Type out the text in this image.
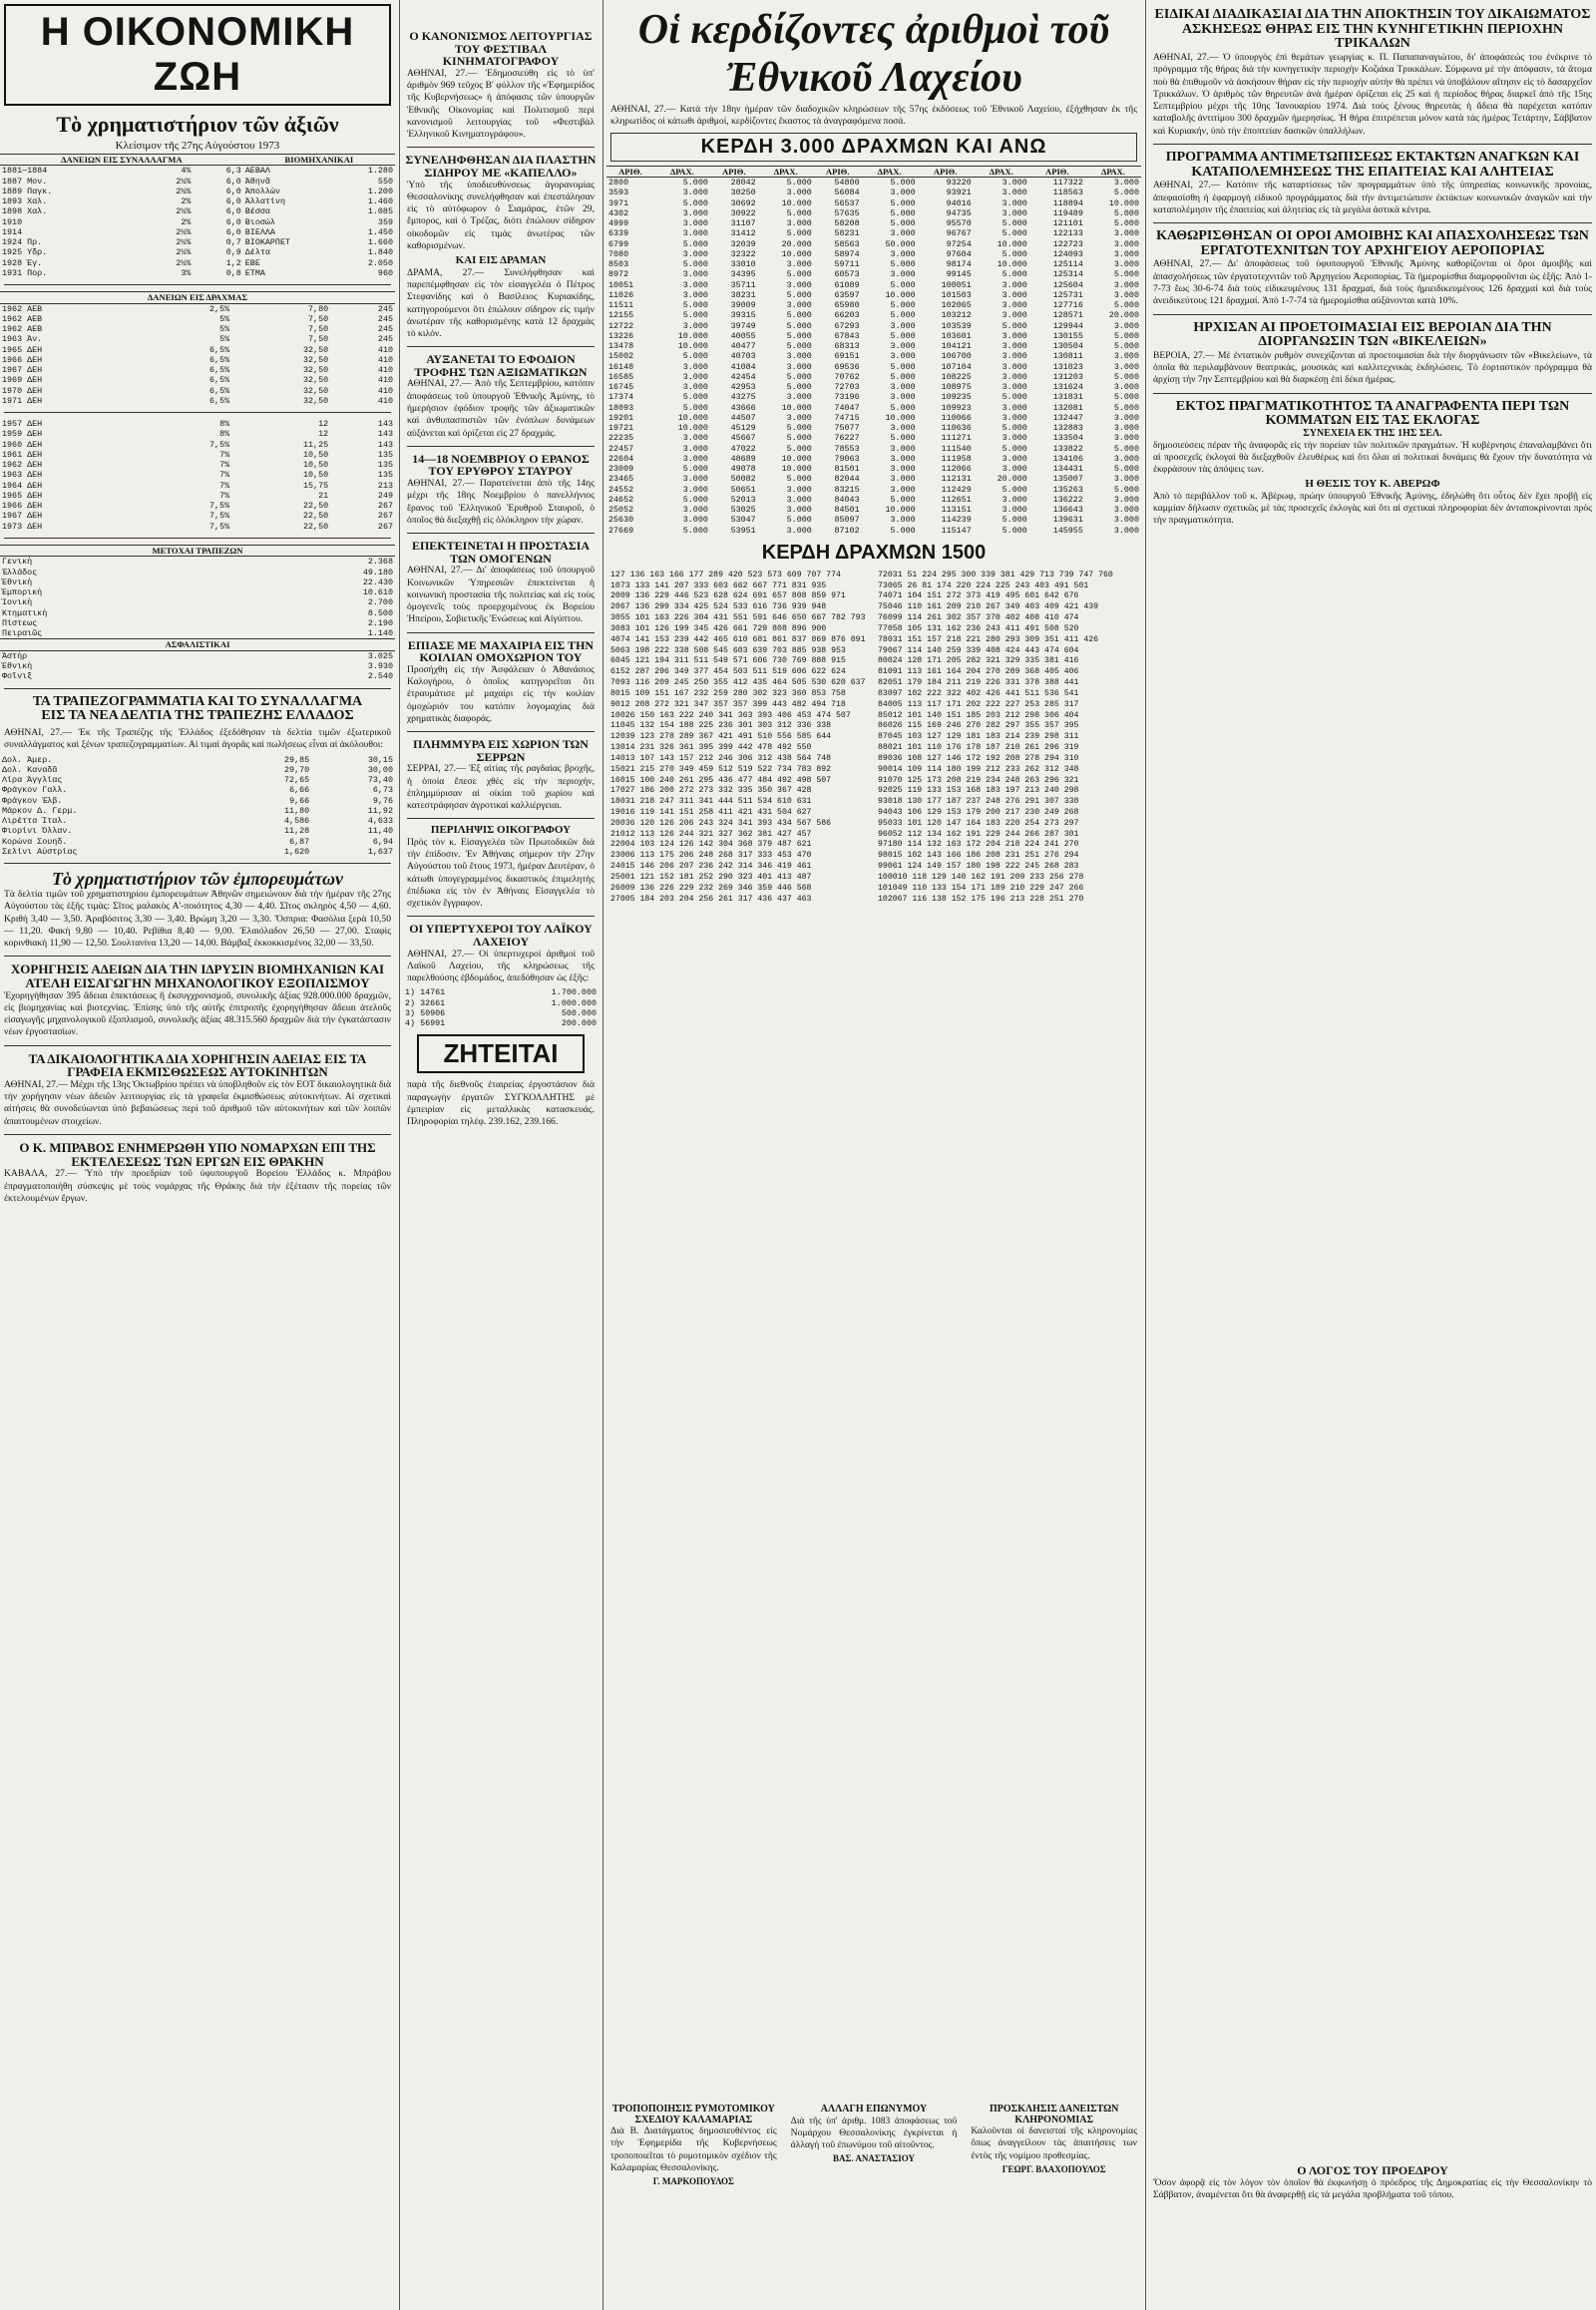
Η ΟΙΚΟΝΟΜΙΚΗ ΖΩΗ
Τὸ χρηματιστήριον τῶν ἀξιῶν
Κλείσιμον τῆς 27ης Αὐγούστου 1973
ΔΑΝΕΙΩΝ ΕΙΣ ΣΥΝΑΛΛΑΓΜΑ			ΒΙΟΜΗΧΑΝΙΚΑΙ	
1881—1884	4%	6,3	ΑΕΒΑΛ	1.280
1887 Μον.	2½%	6,0	Ἀθηνᾶ	550
1889 Παγκ.	2½%	6,0	Ἀπολλὼν	1.200
1893 Χαλ.	2%	6,0	Ἀλλατίνη	1.460
1898 Χαλ.	2½%	6,0	Βέσσα	1.085
1910	2%	6,0	Βιοσώλ	359
1914	2½%	6,0	ΒΙΕΛΛΑ	1.450
1924 Πρ.	2½%	0,7	ΒΙΟΚΑΡΠΕΤ	1.660
1925 Υδρ.	2½%	0,9	Δέλτα	1.840
1928 Ἐγ.	2½%	1,2	ΕΒΕ	2.050
1931 Πορ.	3%	0,8	ΕΤΜΑ	960
ΔΑΝΕΙΩΝ ΕΙΣ ΔΡΑΧΜΑΣ			
1962 ΑΕΒ	2,5%	7,80	245
1962 ΑΕΒ	5%	7,50	245
1962 ΑΕΒ	5%	7,50	245
1963 Ἀν.	5%	7,50	245
1965 ΔΕΗ	6,5%	32,50	410
1966 ΔΕΗ	6,5%	32,50	410
1967 ΔΕΗ	6,5%	32,50	410
1969 ΔΕΗ	6,5%	32,50	410
1970 ΔΕΗ	6,5%	32,50	410
1971 ΔΕΗ	6,5%	32,50	410
1957 ΔΕΗ	8%	12	143
1959 ΔΕΗ	8%	12	143
1960 ΔΕΗ	7,5%	11,25	143
1961 ΔΕΗ	7%	10,50	135
1962 ΔΕΗ	7%	10,50	135
1963 ΔΕΗ	7%	10,50	135
1964 ΔΕΗ	7%	15,75	213
1965 ΔΕΗ	7%	21	249
1966 ΔΕΗ	7,5%	22,50	267
1967 ΔΕΗ	7,5%	22,50	267
1973 ΔΕΗ	7,5%	22,50	267
ΜΕΤΟΧΑΙ ΤΡΑΠΕΖΩΝ	
Γενικὴ	2.368
Ἑλλάδος	49.180
Ἐθνικὴ	22.430
Ἐμπορικὴ	10.610
Ἰονικὴ	2.700
Κτηματικὴ	8.500
Πίστεως	2.190
Πειραιῶς	1.140
ΑΣΦΑΛΙΣΤΙΚΑΙ	
Ἀστὴρ	3.025
Ἐθνικὴ	3.930
Φοῖνιξ	2.540
ΤΑ ΤΡΑΠΕΖΟΓΡΑΜΜΑΤΙΑ ΚΑΙ ΤΟ ΣΥΝΑΛΛΑΓΜΑ
ΕΙΣ ΤΑ ΝΕΑ ΔΕΛΤΙΑ ΤΗΣ ΤΡΑΠΕΖΗΣ ΕΛΛΑΔΟΣ

ΑΘΗΝΑΙ, 27.— Ἐκ τῆς Τραπέζης τῆς Ἑλλάδος ἐξεδόθησαν τὰ δελτία τιμῶν ἐξωτερικοῦ συναλλάγματος καὶ ξένων τραπεζογραμματίων. Αἱ τιμαὶ ἀγορᾶς καὶ πωλήσεως εἶναι αἱ ἀκόλουθοι:

Δολ. Ἀμερ.	29,85	30,15
Δολ. Καναδᾶ	29,70	30,00
Λίρα Ἀγγλίας	72,65	73,40
Φράγκον Γαλλ.	6,66	6,73
Φράγκον Ἑλβ.	9,66	9,76
Μάρκον Δ. Γερμ.	11,80	11,92
Λιρέττα Ἰταλ.	4,586	4,633
Φιορίνι Ὁλλαν.	11,28	11,40
Κορώνα Σουηδ.	6,87	6,94
Σελίνι Αὐστρίας	1,620	1,637
Τὸ χρηματιστήριον τῶν ἐμπορευμάτων

Τὰ δελτία τιμῶν τοῦ χρηματιστηρίου ἐμπορευμάτων Ἀθηνῶν σημειώνουν διὰ τὴν ἡμέραν τῆς 27ης Αὐγούστου τὰς ἑξῆς τιμὰς: Σῖτος μαλακὸς Α'-ποιότητος 4,30 — 4,40. Σῖτος σκληρὸς 4,50 — 4,60. Κριθὴ 3,40 — 3,50. Ἀραβόσιτος 3,30 — 3,40. Βρώμη 3,20 — 3,30. Ὄσπρια: Φασόλια ξερὰ 10,50 — 11,20. Φακὴ 9,80 — 10,40. Ρεβίθια 8,40 — 9,00. Ἐλαιόλαδον 26,50 — 27,00. Σταφὶς κορινθιακὴ 11,90 — 12,50. Σουλτανίνα 13,20 — 14,00. Βάμβαξ ἐκκοκκισμένος 32,00 — 33,50.

ΧΟΡΗΓΗΣΙΣ ΑΔΕΙΩΝ ΔΙΑ ΤΗΝ ΙΔΡΥΣΙΝ ΒΙΟΜΗΧΑΝΙΩΝ ΚΑΙ ΑΤΕΛΗ ΕΙΣΑΓΩΓΗΝ ΜΗΧΑΝΟΛΟΓΙΚΟΥ ΕΞΟΠΛΙΣΜΟΥ

Ἐχορηγήθησαν 395 ἄδειαι ἐπεκτάσεως ἢ ἐκσυγχρονισμοῦ, συνολικῆς ἀξίας 928.000.000 δραχμῶν, εἰς βιομηχανίας καὶ βιοτεχνίας. Ἐπίσης ὑπὸ τῆς αὐτῆς ἐπιτροπῆς ἐχορηγήθησαν ἄδειαι ἀτελοῦς εἰσαγωγῆς μηχανολογικοῦ ἐξοπλισμοῦ, συνολικῆς ἀξίας 48.315.560 δραχμῶν διὰ τὴν ἐγκατάστασιν νέων ἐργοστασίων.

ΤΑ ΔΙΚΑΙΟΛΟΓΗΤΙΚΑ ΔΙΑ ΧΟΡΗΓΗΣΙΝ ΑΔΕΙΑΣ ΕΙΣ ΤΑ ΓΡΑΦΕΙΑ ΕΚΜΙΣΘΩΣΕΩΣ ΑΥΤΟΚΙΝΗΤΩΝ

ΑΘΗΝΑΙ, 27.— Μέχρι τῆς 13ης Ὀκτωβρίου πρέπει νὰ ὑποβληθοῦν εἰς τὸν ΕΟΤ δικαιολογητικὰ διὰ τὴν χορήγησιν νέων ἀδειῶν λειτουργίας εἰς τὰ γραφεῖα ἐκμισθώσεως αὐτοκινήτων. Αἱ σχετικαὶ αἰτήσεις θὰ συνοδεύωνται ὑπὸ βεβαιώσεως περὶ τοῦ ἀριθμοῦ τῶν αὐτοκινήτων καὶ τῶν λοιπῶν ἀπαιτουμένων στοιχείων.

Ο Κ. ΜΠΡΑΒΟΣ ΕΝΗΜΕΡΩΘΗ ΥΠΟ ΝΟΜΑΡΧΩΝ ΕΠΙ ΤΗΣ ΕΚΤΕΛΕΣΕΩΣ ΤΩΝ ΕΡΓΩΝ ΕΙΣ ΘΡΑΚΗΝ

ΚΑΒΑΛΑ, 27.— Ὑπὸ τὴν προεδρίαν τοῦ ὑφυπουργοῦ Βορείου Ἑλλάδος κ. Μπράβου ἐπραγματοποιήθη σύσκεψις μὲ τοὺς νομάρχας τῆς Θράκης διὰ τὴν ἐξέτασιν τῆς πορείας τῶν ἐκτελουμένων ἔργων.

Ο ΚΑΝΟΝΙΣΜΟΣ ΛΕΙΤΟΥΡΓΙΑΣ ΤΟΥ ΦΕΣΤΙΒΑΛ ΚΙΝΗΜΑΤΟΓΡΑΦΟΥ

ΑΘΗΝΑΙ, 27.— Ἐδημοσιεύθη εἰς τὸ ὑπ' ἀριθμὸν 969 τεῦχος Β' φύλλον τῆς «Ἐφημερίδος τῆς Κυβερνήσεως» ἡ ἀπόφασις τῶν ὑπουργῶν Ἐθνικῆς Οἰκονομίας καὶ Πολιτισμοῦ περὶ κανονισμοῦ λειτουργίας τοῦ «Φεστιβὰλ Ἑλληνικοῦ Κινηματογράφου».

ΣΥΝΕΛΗΦΘΗΣΑΝ ΔΙΑ ΠΛΑΣΤΗΝ ΣΙΔΗΡΟΥ ΜΕ «ΚΑΠΕΛΛΟ»

Ὑπὸ τῆς ὑποδιευθύνσεως ἀγορανομίας Θεσσαλονίκης συνελήφθησαν καὶ ἐπεστάλησαν εἰς τὸ αὐτόφωρον ὁ Σιαμάρας, ἐτῶν 29, ἔμπορος, καὶ ὁ Τρέζας, διότι ἐπώλουν σίδηρον οἰκοδομῶν εἰς τιμὰς ἀνωτέρας τῶν καθορισμένων.

ΚΑΙ ΕΙΣ ΔΡΑΜΑΝ

ΔΡΑΜΑ, 27.— Συνελήφθησαν καὶ παρεπέμφθησαν εἰς τὸν εἰσαγγελέα ὁ Πέτρος Στεφανίδης καὶ ὁ Βασίλειος Κυριακίδης, κατηγορούμενοι ὅτι ἐπώλουν σίδηρον εἰς τιμὴν ἀνωτέραν τῆς καθορισμένης κατὰ 12 δραχμὰς τὸ κιλόν.

ΑΥΞΑΝΕΤΑΙ ΤΟ ΕΦΟΔΙΟΝ ΤΡΟΦΗΣ ΤΩΝ ΑΞΙΩΜΑΤΙΚΩΝ

ΑΘΗΝΑΙ, 27.— Ἀπὸ τῆς Σεπτεμβρίου, κατόπιν ἀποφάσεως τοῦ ὑπουργοῦ Ἐθνικῆς Ἀμύνης, τὸ ἡμερήσιον ἐφόδιον τροφῆς τῶν ἀξιωματικῶν καὶ ἀνθυπασπιστῶν τῶν ἐνόπλων δυνάμεων αὐξάνεται καὶ ὁρίζεται εἰς 27 δραχμάς.

14—18 ΝΟΕΜΒΡΙΟΥ Ο ΕΡΑΝΟΣ ΤΟΥ ΕΡΥΘΡΟΥ ΣΤΑΥΡΟΥ

ΑΘΗΝΑΙ, 27.— Παρατείνεται ἀπὸ τῆς 14ης μέχρι τῆς 18ης Νοεμβρίου ὁ πανελλήνιος ἔρανος τοῦ Ἑλληνικοῦ Ἐρυθροῦ Σταυροῦ, ὁ ὁποῖος θὰ διεξαχθῇ εἰς ὁλόκληρον τὴν χώραν.

ΕΠΕΚΤΕΙΝΕΤΑΙ Η ΠΡΟΣΤΑΣΙΑ ΤΩΝ ΟΜΟΓΕΝΩΝ

ΑΘΗΝΑΙ, 27.— Δι' ἀποφάσεως τοῦ ὑπουργοῦ Κοινωνικῶν Ὑπηρεσιῶν ἐπεκτείνεται ἡ κοινωνικὴ προστασία τῆς πολιτείας καὶ εἰς τοὺς ὁμογενεῖς τοὺς προερχομένους ἐκ Βορείου Ἠπείρου, Σοβιετικῆς Ἑνώσεως καὶ Αἰγύπτου.

ΕΠΙΑΣΕ ΜΕ ΜΑΧΑΙΡΙΑ ΕΙΣ ΤΗΝ ΚΟΙΛΙΑΝ ΟΜΟΧΩΡΙΟΝ ΤΟΥ

Προσήχθη εἰς τὴν Ἀσφάλειαν ὁ Ἀθανάσιος Καλογήρου, ὁ ὁποῖος κατηγορεῖται ὅτι ἐτραυμάτισε μὲ μαχαίρι εἰς τὴν κοιλίαν ὁμοχώριόν του κατόπιν λογομαχίας διὰ χρηματικὰς διαφοράς.

ΠΛΗΜΜΥΡΑ ΕΙΣ ΧΩΡΙΟΝ ΤΩΝ ΣΕΡΡΩΝ

ΣΕΡΡΑΙ, 27.— Ἐξ αἰτίας τῆς ραγδαίας βροχῆς, ἡ ὁποία ἔπεσε χθὲς εἰς τὴν περιοχήν, ἐπλημμύρισαν αἱ οἰκίαι τοῦ χωρίου καὶ κατεστράφησαν ἀγροτικαὶ καλλιέργειαι.

ΠΕΡΙΛΗΨΙΣ ΟΙΚΟΓΡΑΦΟΥ

Πρὸς τὸν κ. Εἰσαγγελέα τῶν Πρωτοδικῶν διὰ τὴν ἐπίδοσιν. Ἐν Ἀθήναις σήμερον τὴν 27ην Αὐγούστου τοῦ ἔτους 1973, ἡμέραν Δευτέραν, ὁ κάτωθι ὑπογεγραμμένος δικαστικὸς ἐπιμελητὴς ἐπέδωκα εἰς τὸν ἐν Ἀθήναις Εἰσαγγελέα τὸ σχετικὸν ἔγγραφον.

ΟΙ ΥΠΕΡΤΥΧΕΡΟΙ ΤΟΥ ΛΑΪΚΟΥ ΛΑΧΕΙΟΥ

ΑΘΗΝΑΙ, 27.— Οἱ ὑπερτυχεροὶ ἀριθμοὶ τοῦ Λαϊκοῦ Λαχείου, τῆς κληρώσεως τῆς παρελθούσης ἑβδομάδος, ἀπεδόθησαν ὡς ἑξῆς:

1) 14761	1.700.000
2) 32661	1.000.000
3) 50906	500.000
4) 56991	200.000
ΖΗΤΕΙΤΑΙ

παρὰ τῆς διεθνοῦς ἑταιρείας ἐργοστάσιον διὰ παραγωγὴν ἐργατῶν ΣΥΓΚΟΛΛΗΤΗΣ μὲ ἐμπειρίαν εἰς μεταλλικὰς κατασκευάς. Πληροφορίαι τηλέφ. 239.162, 239.166.

Οἱ κερδίζοντες ἀριθμοὶ τοῦ Ἐθνικοῦ Λαχείου

ΑΘΗΝΑΙ, 27.— Κατὰ τὴν 18ην ἡμέραν τῶν διαδοχικῶν κληρώσεων τῆς 57ης ἐκδόσεως τοῦ Ἐθνικοῦ Λαχείου, ἐξήχθησαν ἐκ τῆς κληρωτίδος οἱ κάτωθι ἀριθμοί, κερδίζοντες ἕκαστος τὰ ἀναγραφόμενα ποσά.

ΚΕΡΔΗ 3.000 ΔΡΑΧΜΩΝ ΚΑΙ ΑΝΩ
ΑΡΙΘ.	ΔΡΑΧ.	ΑΡΙΘ.	ΔΡΑΧ.	ΑΡΙΘ.	ΔΡΑΧ.	ΑΡΙΘ.	ΔΡΑΧ.	ΑΡΙΘ.	ΔΡΑΧ.
2800	5.000	28042	5.000	54800	5.000	93220	3.000	117322	3.000
3593	3.000	30250	3.000	56084	3.000	93921	3.000	118563	5.000
3971	5.000	30692	10.000	56537	5.000	94016	3.000	118894	10.000
4302	3.000	30922	5.000	57635	5.000	94735	3.000	119489	5.000
4999	3.000	31107	3.000	58208	5.000	95570	5.000	121101	5.000
6339	3.000	31412	5.000	58231	3.000	96767	5.000	122133	3.000
6799	5.000	32039	20.000	58563	50.000	97254	10.000	122723	3.000
7080	3.000	32322	10.000	58974	3.000	97604	5.000	124093	3.000
8503	5.000	33010	3.000	59711	5.000	98174	10.000	125114	3.000
8972	3.000	34395	5.000	60573	3.000	99145	5.000	125314	5.000
10051	3.000	35711	3.000	61089	5.000	100051	3.000	125604	3.000
11026	3.000	38231	5.000	63597	10.000	101503	3.000	125731	3.000
11511	5.000	39009	3.000	65980	5.000	102065	3.000	127716	5.000
12155	5.000	39315	5.000	66203	5.000	103212	3.000	128571	20.000
12722	3.000	39749	5.000	67293	3.000	103539	5.000	129944	3.000
13226	10.000	40055	5.000	67843	5.000	103601	3.000	130155	5.000
13478	10.000	40477	5.000	68313	3.000	104121	3.000	130504	5.000
15002	5.000	40703	3.000	69151	3.000	106700	3.000	130811	3.000
16148	3.000	41084	3.000	69536	5.000	107104	3.000	131023	3.000
16585	3.000	42454	5.000	70762	5.000	108225	3.000	131203	5.000
16745	3.000	42953	5.000	72703	3.000	108975	3.000	131624	3.000
17374	5.000	43275	3.000	73196	3.000	109235	5.000	131831	5.000
18093	5.000	43666	10.000	74047	5.000	109923	3.000	132081	5.000
19201	10.000	44507	3.000	74715	10.000	110066	3.000	132447	3.000
19721	10.000	45129	5.000	75077	3.000	110636	5.000	132883	3.000
22235	3.000	45667	5.000	76227	5.000	111271	3.000	133504	3.000
22457	3.000	47022	5.000	78553	3.000	111540	5.000	133822	5.000
22604	3.000	48689	10.000	79063	3.000	111958	3.000	134106	3.000
23009	5.000	49078	10.000	81501	3.000	112066	3.000	134431	5.000
23465	3.000	50082	5.000	82044	3.000	112131	20.000	135007	3.000
24552	3.000	50651	3.000	83215	3.000	112429	5.000	135263	5.000
24652	5.000	52013	3.000	84043	5.000	112651	3.000	136222	3.000
25052	3.000	53025	3.000	84501	10.000	113151	3.000	136643	3.000
25630	3.000	53047	5.000	85097	3.000	114239	5.000	139631	3.000
27669	5.000	53951	3.000	87102	5.000	115147	5.000	145955	3.000
ΚΕΡΔΗ ΔΡΑΧΜΩΝ 1500

127 136 163 166 177 289 420 523 573 609 707 774

1073 133 141 207 333 603 662 667 771 831 935

2009 136 229 446 523 628 624 691 657 808 859 971

2067 136 299 334 425 524 533 616 736 939 948

3055 101 163 226 304 431 551 591 646 650 667 782 793

3083 101 126 199 345 426 661 729 808 896 900

4074 141 153 239 442 465 610 681 861 837 869 876 891

5063 198 222 338 508 545 603 639 703 885 938 953

6045 121 194 311 511 549 571 606 730 769 888 915

6152 287 296 349 377 454 503 511 519 606 622 624

7093 116 209 245 250 355 412 435 464 505 530 620 637

8015 109 151 167 232 259 280 302 323 360 853 758

9012 208 272 321 347 357 357 399 443 482 494 718

10026 150 163 222 240 341 363 393 406 453 474 507

11045 132 154 188 225 236 301 303 312 336 338

12039 123 278 289 367 421 491 510 556 585 644

13014 231 326 361 395 399 442 478 492 550

14013 107 143 157 212 246 306 312 438 564 748

15021 215 270 349 459 512 519 522 734 783 892

16015 100 240 261 295 436 477 484 492 498 507

17027 186 200 272 273 332 335 350 367 428

18031 218 247 311 341 444 511 534 610 631

19016 119 141 151 258 411 421 431 504 627

20036 120 126 206 243 324 341 393 434 567 586

21012 113 126 244 321 327 362 381 427 457

22004 103 124 126 142 304 368 379 487 621

23006 113 175 206 248 268 317 333 453 470

24015 146 206 207 236 242 314 346 419 461

25001 121 152 181 252 290 323 401 413 487

26009 136 226 229 232 269 346 359 446 568

27005 184 203 204 256 261 317 436 437 463

72031 51 224 295 300 339 381 429 713 739 747 760

73065 26 81 174 220 224 225 243 403 491 501

74071 104 151 272 373 419 495 601 642 676

75046 110 161 209 210 267 349 403 409 421 439

76099 114 261 302 357 370 402 408 410 474

77058 105 131 162 236 243 411 491 508 520

78031 151 157 218 221 280 293 309 351 411 426

79067 114 140 259 339 408 424 443 474 604

80024 128 171 205 282 321 329 335 381 416

81091 113 161 164 204 270 289 368 405 406

82051 179 184 211 219 226 331 378 388 441

83097 102 222 322 402 426 441 511 536 541

84005 113 117 171 202 222 227 253 285 317

85012 101 140 151 185 203 212 298 306 404

86026 115 169 246 270 282 297 355 357 395

87045 103 127 129 181 183 214 239 298 311

88021 101 110 176 178 187 210 261 296 319

89036 108 127 146 172 192 208 278 294 310

90014 109 114 180 199 212 233 262 312 348

91070 125 173 208 219 234 248 263 296 321

92025 119 133 153 168 183 197 213 240 298

93018 130 177 187 237 248 276 291 307 338

94043 106 129 153 179 200 217 230 249 268

95033 101 120 147 164 183 220 254 273 297

96052 112 134 162 191 229 244 266 287 301

97180 114 132 163 172 204 218 224 241 270

98015 102 143 166 186 208 231 251 276 294

99061 124 149 157 180 198 222 245 268 283

100010 118 129 140 162 191 209 233 256 278

101049 110 133 154 171 189 210 229 247 266

102067 116 138 152 175 196 213 228 251 270

ΕΙΔΙΚΑΙ ΔΙΑΔΙΚΑΣΙΑΙ ΔΙΑ ΤΗΝ ΑΠΟΚΤΗΣΙΝ ΤΟΥ ΔΙΚΑΙΩΜΑΤΟΣ ΑΣΚΗΣΕΩΣ ΘΗΡΑΣ ΕΙΣ ΤΗΝ ΚΥΝΗΓΕΤΙΚΗΝ ΠΕΡΙΟΧΗΝ ΤΡΙΚΑΛΩΝ

ΑΘΗΝΑΙ, 27.— Ὁ ὑπουργὸς ἐπὶ θεμάτων γεωργίας κ. Π. Παπαπαναγιώτου, δι' ἀποφάσεώς του ἐνέκρινε τὸ πρόγραμμα τῆς θήρας διὰ τὴν κυνηγετικὴν περιοχὴν Κοζιάκα Τρικκάλων. Σύμφωνα μὲ τὴν ἀπόφασιν, τὰ ἄτομα ποὺ θὰ ἐπιθυμοῦν νὰ ἀσκήσουν θήραν εἰς τὴν περιοχὴν αὐτὴν θὰ πρέπει νὰ ὑποβάλουν αἴτησιν εἰς τὸ δασαρχεῖον Τρικκάλων. Ὁ ἀριθμὸς τῶν θηρευτῶν ἀνὰ ἡμέραν ὁρίζεται εἰς 25 καὶ ἡ περίοδος θήρας διαρκεῖ ἀπὸ τῆς 15ης Σεπτεμβρίου μέχρι τῆς 10ης Ἰανουαρίου 1974. Διὰ τοὺς ξένους θηρευτὰς ἡ ἄδεια θὰ παρέχεται κατόπιν καταβολῆς ἀντιτίμου 300 δραχμῶν ἡμερησίως. Ἡ θήρα ἐπιτρέπεται μόνον κατὰ τὰς ἡμέρας Τετάρτην, Σάββατον καὶ Κυριακήν, ὑπὸ τὴν ἐποπτείαν δασικῶν ὑπαλλήλων.

ΠΡΟΓΡΑΜΜΑ ΑΝΤΙΜΕΤΩΠΙΣΕΩΣ ΕΚΤΑΚΤΩΝ ΑΝΑΓΚΩΝ ΚΑΙ ΚΑΤΑΠΟΛΕΜΗΣΕΩΣ ΤΗΣ ΕΠΑΙΤΕΙΑΣ ΚΑΙ ΑΛΗΤΕΙΑΣ

ΑΘΗΝΑΙ, 27.— Κατόπιν τῆς καταρτίσεως τῶν προγραμμάτων ὑπὸ τῆς ὑπηρεσίας κοινωνικῆς προνοίας, ἀπεφασίσθη ἡ ἐφαρμογὴ εἰδικοῦ προγράμματος διὰ τὴν ἀντιμετώπισιν ἐκτάκτων κοινωνικῶν ἀναγκῶν καὶ τὴν καταπολέμησιν τῆς ἐπαιτείας καὶ ἀλητείας εἰς τὰ μεγάλα ἀστικὰ κέντρα.

ΚΑΘΩΡΙΣΘΗΣΑΝ ΟΙ ΟΡΟΙ ΑΜΟΙΒΗΣ ΚΑΙ ΑΠΑΣΧΟΛΗΣΕΩΣ ΤΩΝ ΕΡΓΑΤΟΤΕΧΝΙΤΩΝ ΤΟΥ ΑΡΧΗΓΕΙΟΥ ΑΕΡΟΠΟΡΙΑΣ

ΑΘΗΝΑΙ, 27.— Δι' ἀποφάσεως τοῦ ὑφυπουργοῦ Ἐθνικῆς Ἀμύνης καθορίζονται οἱ ὅροι ἀμοιβῆς καὶ ἀπασχολήσεως τῶν ἐργατοτεχνιτῶν τοῦ Ἀρχηγείου Ἀεροπορίας. Τὰ ἡμερομίσθια διαμορφοῦνται ὡς ἑξῆς: Ἀπὸ 1-7-73 ἕως 30-6-74 διὰ τοὺς εἰδικευμένους 131 δραχμαί, διὰ τοὺς ἡμιειδικευμένους 126 δραχμαί καὶ διὰ τοὺς ἀνειδικεύτους 121 δραχμαί. Ἀπὸ 1-7-74 τὰ ἡμερομίσθια αὐξάνονται κατὰ 10%.

ΗΡΧΙΣΑΝ ΑΙ ΠΡΟΕΤΟΙΜΑΣΙΑΙ ΕΙΣ ΒΕΡΟΙΑΝ ΔΙΑ ΤΗΝ ΔΙΟΡΓΑΝΩΣΙΝ ΤΩΝ «ΒΙΚΕΛΕΙΩΝ»

ΒΕΡΟΙΑ, 27.— Μὲ ἐντατικὸν ρυθμὸν συνεχίζονται αἱ προετοιμασίαι διὰ τὴν διοργάνωσιν τῶν «Βικελείων», τὰ ὁποῖα θὰ περιλαμβάνουν θεατρικάς, μουσικὰς καὶ καλλιτεχνικὰς ἐκδηλώσεις. Τὸ ἑορταστικὸν πρόγραμμα θὰ ἀρχίσῃ τὴν 7ην Σεπτεμβρίου καὶ θὰ διαρκέσῃ ἐπὶ δέκα ἡμέρας.

ΕΚΤΟΣ ΠΡΑΓΜΑΤΙΚΟΤΗΤΟΣ ΤΑ ΑΝΑΓΡΑΦΕΝΤΑ ΠΕΡΙ ΤΩΝ ΚΟΜΜΑΤΩΝ ΕΙΣ ΤΑΣ ΕΚΛΟΓΑΣ
ΣΥΝΕΧΕΙΑ ΕΚ ΤΗΣ 1ΗΣ ΣΕΛ.

δημοσιεύσεις πέραν τῆς ἀναφορᾶς εἰς τὴν πορείαν τῶν πολιτικῶν πραγμάτων. Ἡ κυβέρνησις ἐπαναλαμβάνει ὅτι αἱ προσεχεῖς ἐκλογαὶ θὰ διεξαχθοῦν ἐλευθέρως καὶ ὅτι ὅλαι αἱ πολιτικαὶ δυνάμεις θὰ ἔχουν τὴν δυνατότητα νὰ ἐκφράσουν τὰς ἀπόψεις των.

Η ΘΕΣΙΣ ΤΟΥ Κ. ΑΒΕΡΩΦ

Ἀπὸ τὸ περιβάλλον τοῦ κ. Ἀβέρωφ, πρώην ὑπουργοῦ Ἐθνικῆς Ἀμύνης, ἐδηλώθη ὅτι οὗτος δὲν ἔχει προβῇ εἰς καμμίαν δήλωσιν σχετικῶς μὲ τὰς προσεχεῖς ἐκλογὰς καὶ ὅτι αἱ σχετικαὶ πληροφορίαι δὲν ἀνταποκρίνονται πρὸς τὴν πραγματικότητα.

ΤΡΟΠΟΠΟΙΗΣΙΣ ΡΥΜΟΤΟΜΙΚΟΥ ΣΧΕΔΙΟΥ ΚΑΛΑΜΑΡΙΑΣ

Διὰ Β. Διατάγματος δημοσιευθέντος εἰς τὴν Ἐφημερίδα τῆς Κυβερνήσεως τροποποιεῖται τὸ ρυμοτομικὸν σχέδιον τῆς Καλαμαρίας Θεσσαλονίκης.

Γ. ΜΑΡΚΟΠΟΥΛΟΣ
ΑΛΛΑΓΗ ΕΠΩΝΥΜΟΥ

Διὰ τῆς ὑπ' ἀριθμ. 1083 ἀποφάσεως τοῦ Νομάρχου Θεσσαλονίκης ἐγκρίνεται ἡ ἀλλαγὴ τοῦ ἐπωνύμου τοῦ αἰτοῦντος.

ΒΑΣ. ΑΝΑΣΤΑΣΙΟΥ
ΠΡΟΣΚΛΗΣΙΣ ΔΑΝΕΙΣΤΩΝ ΚΛΗΡΟΝΟΜΙΑΣ

Καλοῦνται οἱ δανεισταὶ τῆς κληρονομίας ὅπως ἀναγγείλουν τὰς ἀπαιτήσεις των ἐντὸς τῆς νομίμου προθεσμίας.

ΓΕΩΡΓ. ΒΛΑΧΟΠΟΥΛΟΣ	Ο ΛΟΓΟΣ ΤΟΥ ΠΡΟΕΔΡΟΥ

Ὅσον ἀφορᾷ εἰς τὸν λόγον τὸν ὁποῖον θὰ ἐκφωνήσῃ ὁ πρόεδρος τῆς Δημοκρατίας εἰς τὴν Θεσσαλονίκην τὸ Σάββατον, ἀναμένεται ὅτι θὰ ἀναφερθῇ εἰς τὰ μεγάλα προβλήματα τοῦ τόπου.
